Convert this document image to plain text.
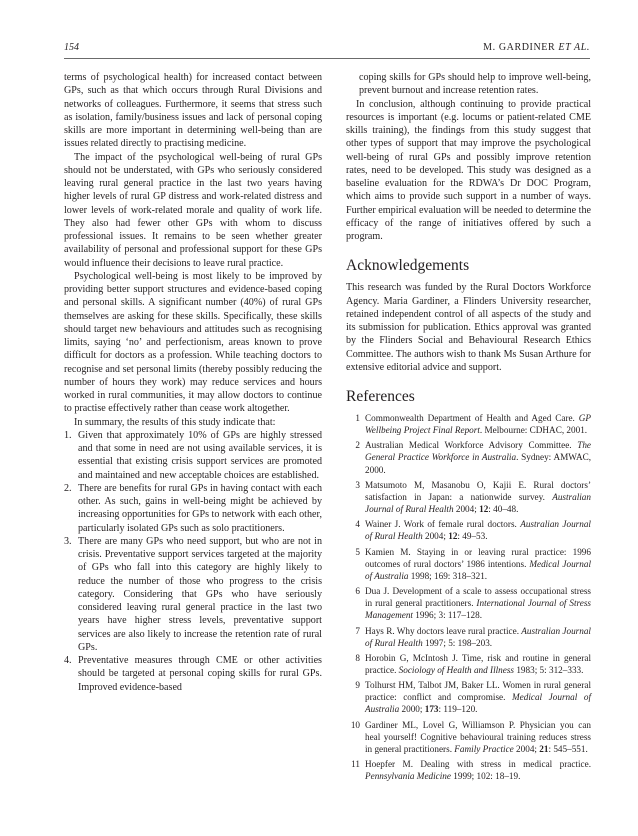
154	M. GARDINER ET AL.

terms of psychological health) for increased contact between GPs, such as that which occurs through Rural Divisions and networks of colleagues. Furthermore, it seems that stress such as isolation, family/business issues and lack of personal coping skills are more important in determining well-being than are issues related directly to practising medicine.

The impact of the psychological well-being of rural GPs should not be understated, with GPs who seriously considered leaving rural general practice in the last two years having higher levels of rural GP distress and work-related distress and lower levels of work-related morale and quality of work life. They also had fewer other GPs with whom to discuss professional issues. It remains to be seen whether greater availability of personal and professional support for these GPs would influence their decisions to leave rural practice.

Psychological well-being is most likely to be improved by providing better support structures and evidence-based coping and personal skills. A significant number (40%) of rural GPs themselves are asking for these skills. Specifically, these skills should target new behaviours and attitudes such as recognising limits, saying ‘no’ and perfectionism, areas known to prove difficult for doctors as a profession. While teaching doctors to recognise and set personal limits (thereby possibly reducing the number of hours they work) may reduce services and hours worked in rural communities, it may allow doctors to continue to practise effectively rather than cease work altogether.

In summary, the results of this study indicate that:

1. Given that approximately 10% of GPs are highly stressed and that some in need are not using available services, it is essential that existing crisis support services are promoted and maintained and new acceptable choices are established.
2. There are benefits for rural GPs in having contact with each other. As such, gains in well-being might be achieved by increasing opportunities for GPs to network with each other, particularly isolated GPs such as solo practitioners.
3. There are many GPs who need support, but who are not in crisis. Preventative support services targeted at the majority of GPs who fall into this category are highly likely to reduce the number of those who progress to the crisis category. Considering that GPs who have seriously considered leaving rural general practice in the last two years have higher stress levels, preventative support services are also likely to increase the retention rate of rural GPs.
4. Preventative measures through CME or other activities should be targeted at personal coping skills for rural GPs. Improved evidence-based

coping skills for GPs should help to improve well-being, prevent burnout and increase retention rates.

In conclusion, although continuing to provide practical resources is important (e.g. locums or patient-related CME skills training), the findings from this study suggest that other types of support that may improve the psychological well-being of rural GPs and possibly improve retention rates, need to be developed. This study was designed as a baseline evaluation for the RDWA’s Dr DOC Program, which aims to provide such support in a number of ways. Further empirical evaluation will be needed to determine the efficacy of the range of initiatives offered by such a program.

Acknowledgements

This research was funded by the Rural Doctors Workforce Agency. Maria Gardiner, a Flinders University researcher, retained independent control of all aspects of the study and its submission for publication. Ethics approval was granted by the Flinders Social and Behavioural Research Ethics Committee. The authors wish to thank Ms Susan Arthure for extensive editorial advice and support.

References
1 Commonwealth Department of Health and Aged Care. GP Wellbeing Project Final Report. Melbourne: CDHAC, 2001.
2 Australian Medical Workforce Advisory Committee. The General Practice Workforce in Australia. Sydney: AMWAC, 2000.
3 Matsumoto M, Masanobu O, Kajii E. Rural doctors’ satisfaction in Japan: a nationwide survey. Australian Journal of Rural Health 2004; 12: 40–48.
4 Wainer J. Work of female rural doctors. Australian Journal of Rural Health 2004; 12: 49–53.
5 Kamien M. Staying in or leaving rural practice: 1996 outcomes of rural doctors’ 1986 intentions. Medical Journal of Australia 1998; 169: 318–321.
6 Dua J. Development of a scale to assess occupational stress in rural general practitioners. International Journal of Stress Management 1996; 3: 117–128.
7 Hays R. Why doctors leave rural practice. Australian Journal of Rural Health 1997; 5: 198–203.
8 Horobin G, McIntosh J. Time, risk and routine in general practice. Sociology of Health and Illness 1983; 5: 312–333.
9 Tolhurst HM, Talbot JM, Baker LL. Women in rural general practice: conflict and compromise. Medical Journal of Australia 2000; 173: 119–120.
10 Gardiner ML, Lovel G, Williamson P. Physician you can heal yourself! Cognitive behavioural training reduces stress in general practitioners. Family Practice 2004; 21: 545–551.
11 Hoepfer M. Dealing with stress in medical practice. Pennsylvania Medicine 1999; 102: 18–19.
